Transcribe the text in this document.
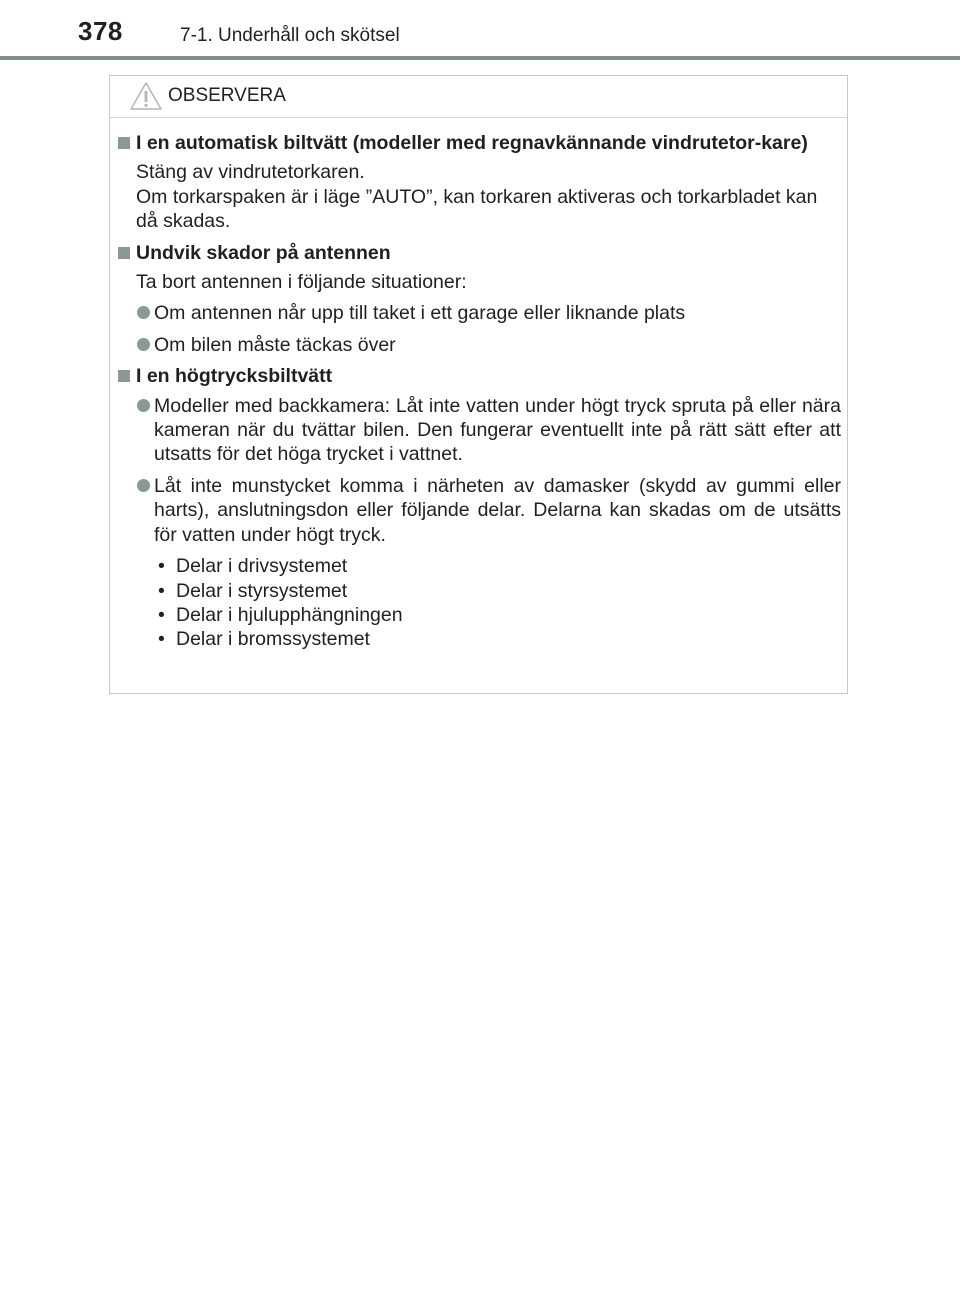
378	7-1. Underhåll och skötsel
OBSERVERA
I en automatisk biltvätt (modeller med regnavkännande vindrutetor-kare)
Stäng av vindrutetorkaren.
Om torkarspaken är i läge ”AUTO”, kan torkaren aktiveras och torkarbladet kan då skadas.
Undvik skador på antennen
Ta bort antennen i följande situationer:
Om antennen når upp till taket i ett garage eller liknande plats
Om bilen måste täckas över
I en högtrycksbiltvätt
Modeller med backkamera: Låt inte vatten under högt tryck spruta på eller nära kameran när du tvättar bilen. Den fungerar eventuellt inte på rätt sätt efter att utsatts för det höga trycket i vattnet.
Låt inte munstycket komma i närheten av damasker (skydd av gummi eller harts), anslutningsdon eller följande delar. Delarna kan skadas om de utsätts för vatten under högt tryck.
• Delar i drivsystemet
• Delar i styrsystemet
• Delar i hjulupphängningen
• Delar i bromssystemet
